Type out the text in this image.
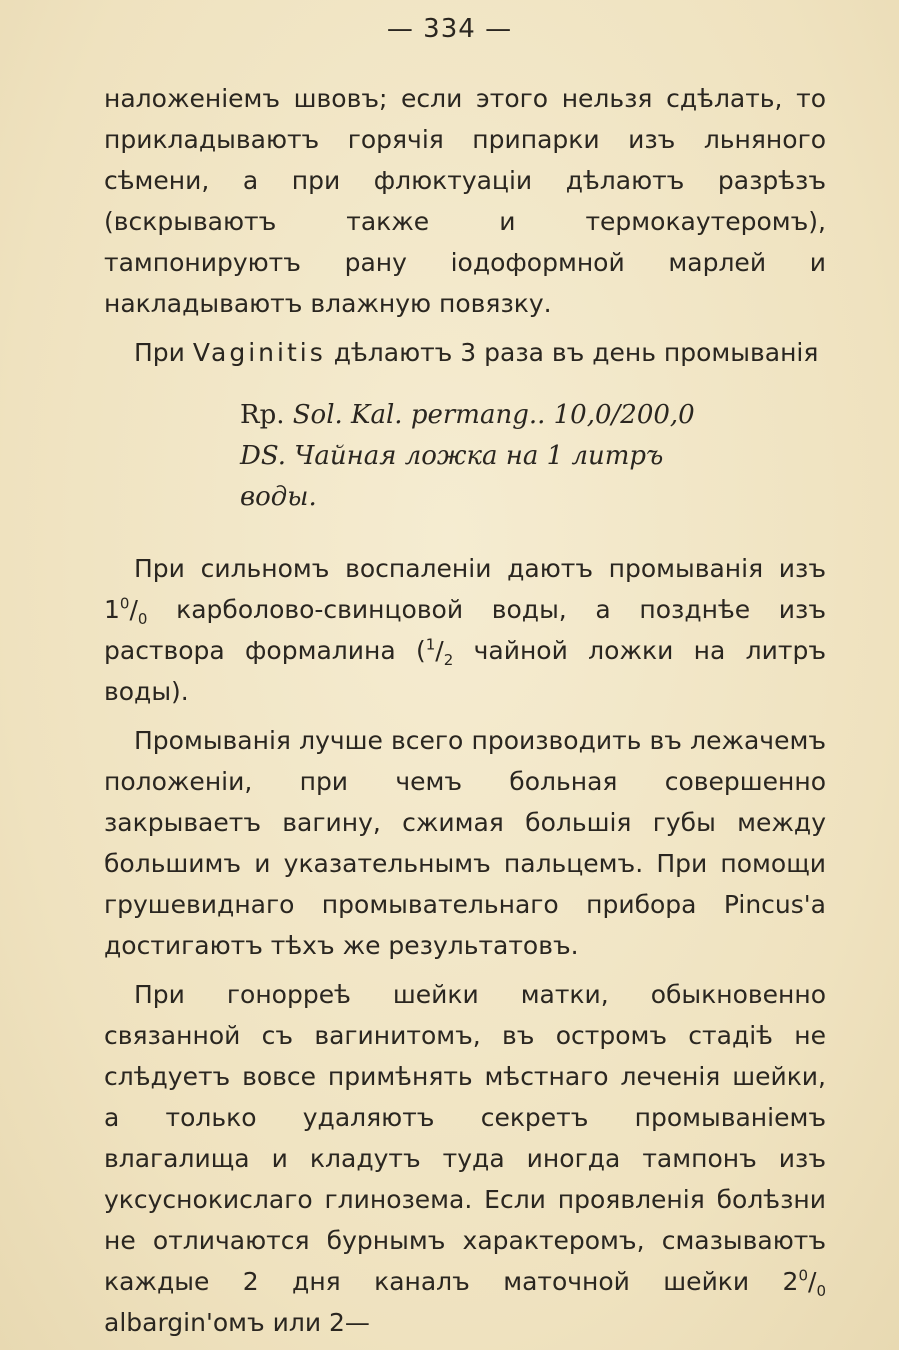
— 334 —

наложеніемъ швовъ; если этого нельзя сдѣлать, то прикладываютъ горячія припарки изъ льняного сѣмени, а при флюктуаціи дѣлаютъ разрѣзъ (вскрываютъ также и термокаутеромъ), тампонируютъ рану іодоформной марлей и накладываютъ влажную повязку.

При Vaginitis дѣлаютъ 3 раза въ день промыванія

Rp. Sol. Kal. permang.. 10,0/200,0
DS. Чайная ложка на 1 литръ
воды.

При сильномъ воспаленіи даютъ промыванія изъ $1^0/_0$ карболово-свинцовой воды, а позднѣе изъ раствора формалина ($^1/_2$ чайной ложки на литръ воды).

Промыванія лучше всего производить въ лежачемъ положеніи, при чемъ больная совершенно закрываетъ вагину, сжимая большія губы между большимъ и указательнымъ пальцемъ. При помощи грушевиднаго промывательнаго прибора Pincus'а достигаютъ тѣхъ же результатовъ.

При гонорреѣ шейки матки, обыкновенно связанной съ вагинитомъ, въ остромъ стадіѣ не слѣдуетъ вовсе примѣнять мѣстнаго леченія шейки, а только удаляютъ секретъ промываніемъ влагалища и кладутъ туда иногда тампонъ изъ уксуснокислаго глинозема. Если проявленія болѣзни не отличаются бурнымъ характеромъ, смазываютъ каждые 2 дня каналъ маточной шейки $2^0/_0$ albargin'омъ или 2—
